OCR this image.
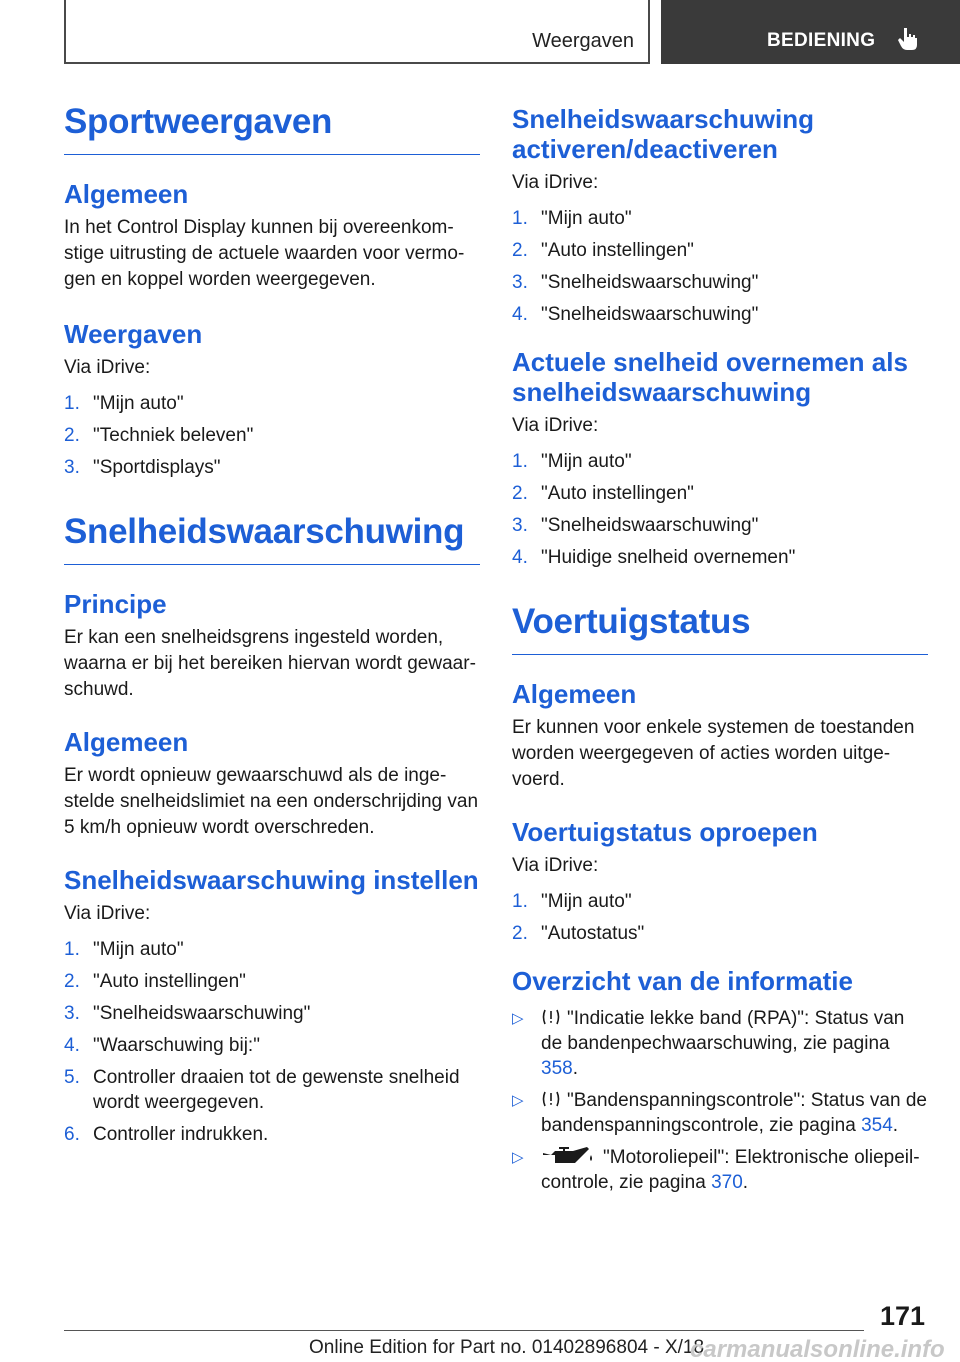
Weergaven	BEDIENING
Sportweergaven
Algemeen

In het Control Display kunnen bij overeenkomstige uitrusting de actuele waarden voor vermogen en koppel worden weergegeven.

Weergaven

Via iDrive:

1. "Mijn auto"
2. "Techniek beleven"
3. "Sportdisplays"
Snelheidswaarschuwing
Principe

Er kan een snelheidsgrens ingesteld worden, waarna er bij het bereiken hiervan wordt gewaarschuwd.

Algemeen

Er wordt opnieuw gewaarschuwd als de ingestelde snelheidslimiet na een onderschrijding van 5 km/h opnieuw wordt overschreden.

Snelheidswaarschuwing instellen

Via iDrive:

1. "Mijn auto"
2. "Auto instellingen"
3. "Snelheidswaarschuwing"
4. "Waarschuwing bij:"
5. Controller draaien tot de gewenste snelheid wordt weergegeven.
6. Controller indrukken.
Snelheidswaarschuwing activeren/deactiveren

Via iDrive:

1. "Mijn auto"
2. "Auto instellingen"
3. "Snelheidswaarschuwing"
4. "Snelheidswaarschuwing"
Actuele snelheid overnemen als snelheidswaarschuwing

Via iDrive:

1. "Mijn auto"
2. "Auto instellingen"
3. "Snelheidswaarschuwing"
4. "Huidige snelheid overnemen"
Voertuigstatus
Algemeen

Er kunnen voor enkele systemen de toestanden worden weergegeven of acties worden uitgevoerd.

Voertuigstatus oproepen

Via iDrive:

1. "Mijn auto"
2. "Autostatus"
Overzicht van de informatie
▷ "Indicatie lekke band (RPA)": Status van de bandenpechwaarschuwing, zie pagina 358.
▷ "Bandenspanningscontrole": Status van de bandenspanningscontrole, zie pagina 354.
▷	"Motoroliepeil": Elektronische oliepeilcontrole, zie pagina 370.
171
Online Edition for Part no. 01402896804 - X/18
carmanualsonline.info
